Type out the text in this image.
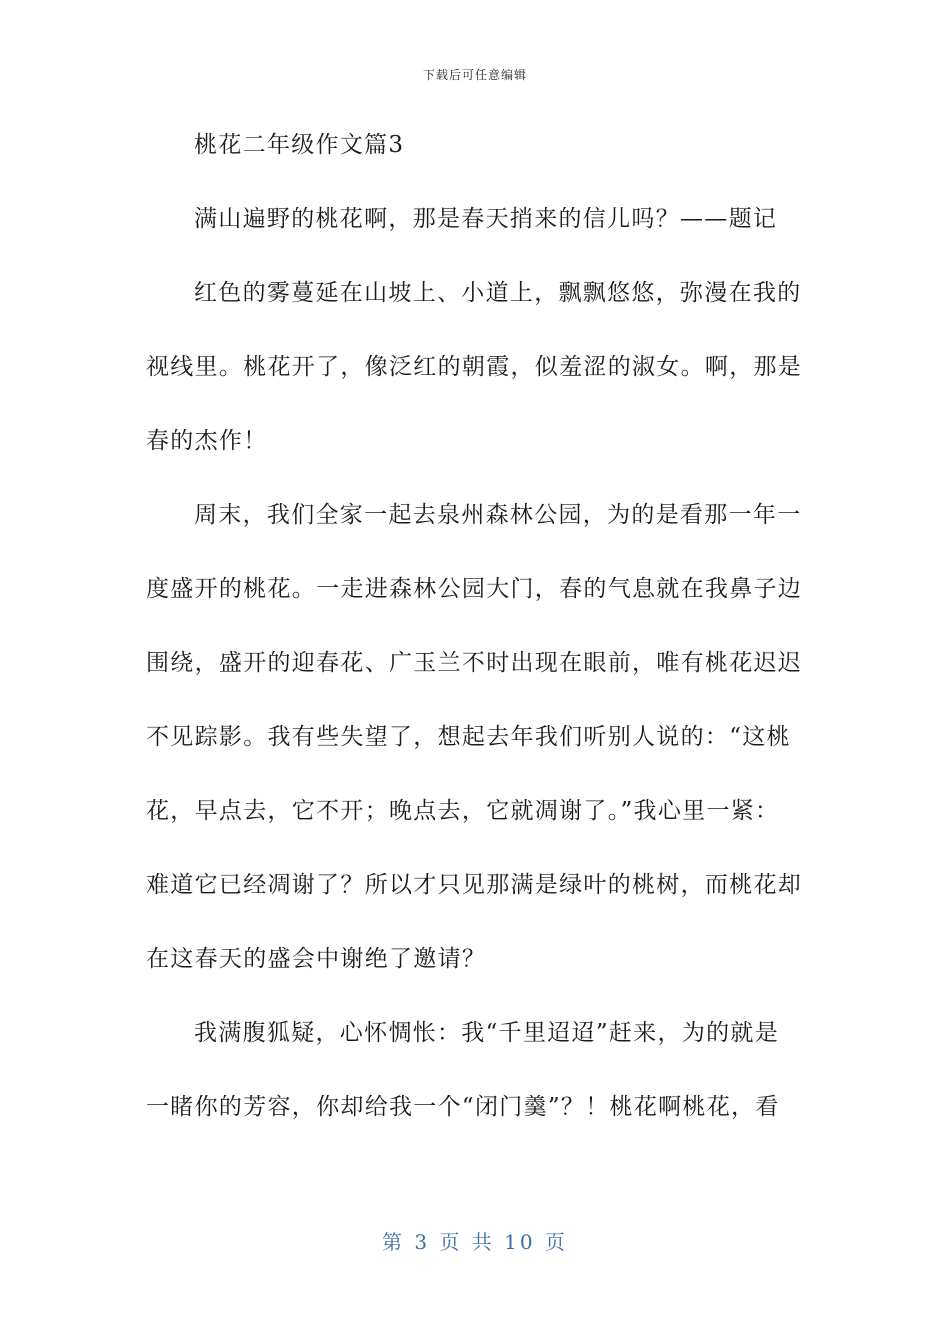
下载后可任意编辑
桃花二年级作文篇3
满山遍野的桃花啊，那是春天捎来的信儿吗？——题记
红色的雾蔓延在山坡上、小道上，飘飘悠悠，弥漫在我的
视线里。桃花开了，像泛红的朝霞，似羞涩的淑女。啊，那是
春的杰作！
周末，我们全家一起去泉州森林公园，为的是看那一年一
度盛开的桃花。一走进森林公园大门，春的气息就在我鼻子边
围绕，盛开的迎春花、广玉兰不时出现在眼前，唯有桃花迟迟
不见踪影。我有些失望了，想起去年我们听别人说的：“这桃
花，早点去，它不开；晚点去，它就凋谢了。”我心里一紧：
难道它已经凋谢了？所以才只见那满是绿叶的桃树，而桃花却
在这春天的盛会中谢绝了邀请？
我满腹狐疑，心怀惆怅：我“千里迢迢”赶来，为的就是
一睹你的芳容，你却给我一个“闭门羹”？！桃花啊桃花，看
第 3 页 共 10 页
